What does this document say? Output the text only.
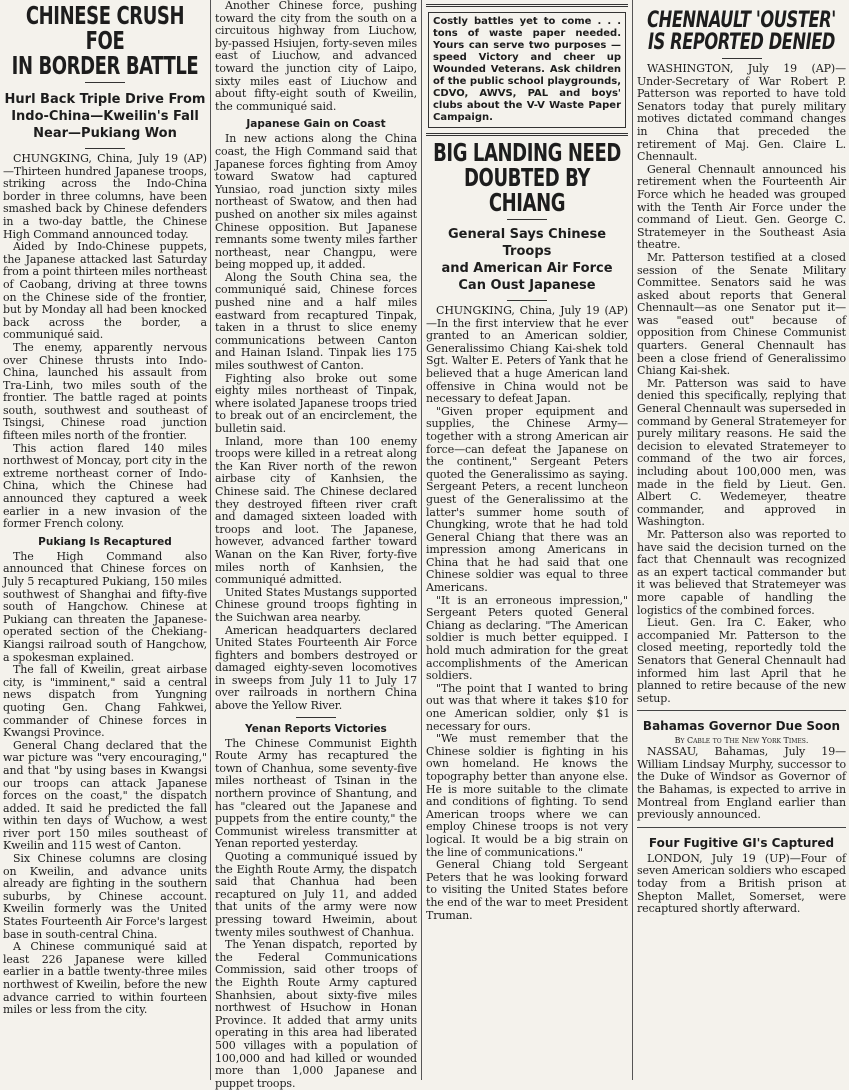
CHINESE CRUSH FOE
IN BORDER BATTLE
Hurl Back Triple Drive From
Indo-China—Kweilin's Fall
Near—Pukiang Won

CHUNGKING, China, July 19 (AP)—Thirteen hundred Japanese troops, striking across the Indo-China border in three columns, have been smashed back by Chinese defenders in a two-day battle, the Chinese High Command announced today.

Aided by Indo-Chinese puppets, the Japanese attacked last Saturday from a point thirteen miles northeast of Caobang, driving at three towns on the Chinese side of the frontier, but by Monday all had been knocked back across the border, a communiqué said.

The enemy, apparently nervous over Chinese thrusts into Indo-China, launched his assault from Tra-Linh, two miles south of the frontier. The battle raged at points south, southwest and southeast of Tsingsi, Chinese road junction fifteen miles north of the frontier.

This action flared 140 miles northwest of Moncay, port city in the extreme northeast corner of Indo-China, which the Chinese had announced they captured a week earlier in a new invasion of the former French colony.

Pukiang Is Recaptured

The High Command also announced that Chinese forces on July 5 recaptured Pukiang, 150 miles southwest of Shanghai and fifty-five south of Hangchow. Chinese at Pukiang can threaten the Japanese-operated section of the Chekiang-Kiangsi railroad south of Hangchow, a spokesman explained.

The fall of Kweilin, great airbase city, is "imminent," said a central news dispatch from Yungning quoting Gen. Chang Fahkwei, commander of Chinese forces in Kwangsi Province.

General Chang declared that the war picture was "very encouraging," and that "by using bases in Kwangsi our troops can attack Japanese forces on the coast," the dispatch added. It said he predicted the fall within ten days of Wuchow, a west river port 150 miles southeast of Kweilin and 115 west of Canton.

Six Chinese columns are closing on Kweilin, and advance units already are fighting in the southern suburbs, by Chinese account. Kweilin formerly was the United States Fourteenth Air Force's largest base in south-central China.

A Chinese communiqué said at least 226 Japanese were killed earlier in a battle twenty-three miles northwest of Kweilin, before the new advance carried to within fourteen miles or less from the city.

Another Chinese force, pushing toward the city from the south on a circuitous highway from Liuchow, by-passed Hsiujen, forty-seven miles east of Liuchow, and advanced toward the junction city of Laipo, sixty miles east of Liuchow and about fifty-eight south of Kweilin, the communiqué said.

Japanese Gain on Coast

In new actions along the China coast, the High Command said that Japanese forces fighting from Amoy toward Swatow had captured Yunsiao, road junction sixty miles northeast of Swatow, and then had pushed on another six miles against Chinese opposition. But Japanese remnants some twenty miles farther northeast, near Changpu, were being mopped up, it added.

Along the South China sea, the communiqué said, Chinese forces pushed nine and a half miles eastward from recaptured Tinpak, taken in a thrust to slice enemy communications between Canton and Hainan Island. Tinpak lies 175 miles southwest of Canton.

Fighting also broke out some eighty miles northeast of Tinpak, where isolated Japanese troops tried to break out of an encirclement, the bulletin said.

Inland, more than 100 enemy troops were killed in a retreat along the Kan River north of the rewon airbase city of Kanhsien, the Chinese said. The Chinese declared they destroyed fifteen river craft and damaged sixteen loaded with troops and loot. The Japanese, however, advanced farther toward Wanan on the Kan River, forty-five miles north of Kanhsien, the communiqué admitted.

United States Mustangs supported Chinese ground troops fighting in the Suichwan area nearby.

American headquarters declared United States Fourteenth Air Force fighters and bombers destroyed or damaged eighty-seven locomotives in sweeps from July 11 to July 17 over railroads in northern China above the Yellow River.

Yenan Reports Victories

The Chinese Communist Eighth Route Army has recaptured the town of Chanhua, some seventy-five miles northeast of Tsinan in the northern province of Shantung, and has "cleared out the Japanese and puppets from the entire county," the Communist wireless transmitter at Yenan reported yesterday.

Quoting a communiqué issued by the Eighth Route Army, the dispatch said that Chanhua had been recaptured on July 11, and added that units of the army were now pressing toward Hweimin, about twenty miles southwest of Chanhua.

The Yenan dispatch, reported by the Federal Communications Commission, said other troops of the Eighth Route Army captured Shanhsien, about sixty-five miles northwest of Hsuchow in Honan Province. It added that army units operating in this area had liberated 500 villages with a population of 100,000 and had killed or wounded more than 1,000 Japanese and puppet troops.

Costly battles yet to come . . . tons of waste paper needed. Yours can serve two purposes — speed Victory and cheer up Wounded Veterans. Ask children of the public school playgrounds, CDVO, AWVS, PAL and boys' clubs about the V-V Waste Paper Campaign.
BIG LANDING NEED
DOUBTED BY CHIANG
General Says Chinese Troops
and American Air Force
Can Oust Japanese

CHUNGKING, China, July 19 (AP)—In the first interview that he ever granted to an American soldier, Generalissimo Chiang Kai-shek told Sgt. Walter E. Peters of Yank that he believed that a huge American land offensive in China would not be necessary to defeat Japan.

"Given proper equipment and supplies, the Chinese Army—together with a strong American air force—can defeat the Japanese on the continent," Sergeant Peters quoted the Generalissimo as saying. Sergeant Peters, a recent luncheon guest of the Generalissimo at the latter's summer home south of Chungking, wrote that he had told General Chiang that there was an impression among Americans in China that he had said that one Chinese soldier was equal to three Americans.

"It is an erroneous impression," Sergeant Peters quoted General Chiang as declaring. "The American soldier is much better equipped. I hold much admiration for the great accomplishments of the American soldiers.

"The point that I wanted to bring out was that where it takes $10 for one American soldier, only $1 is necessary for ours.

"We must remember that the Chinese soldier is fighting in his own homeland. He knows the topography better than anyone else. He is more suitable to the climate and conditions of fighting. To send American troops where we can employ Chinese troops is not very logical. It would be a big strain on the line of communications."

General Chiang told Sergeant Peters that he was looking forward to visiting the United States before the end of the war to meet President Truman.

CHENNAULT 'OUSTER'
IS REPORTED DENIED

WASHINGTON, July 19 (AP)—Under-Secretary of War Robert P. Patterson was reported to have told Senators today that purely military motives dictated command changes in China that preceded the retirement of Maj. Gen. Claire L. Chennault.

General Chennault announced his retirement when the Fourteenth Air Force which he headed was grouped with the Tenth Air Force under the command of Lieut. Gen. George C. Stratemeyer in the Southeast Asia theatre.

Mr. Patterson testified at a closed session of the Senate Military Committee. Senators said he was asked about reports that General Chennault—as one Senator put it—was "eased out" because of opposition from Chinese Communist quarters. General Chennault has been a close friend of Generalissimo Chiang Kai-shek.

Mr. Patterson was said to have denied this specifically, replying that General Chennault was superseded in command by General Stratemeyer for purely military reasons. He said the decision to elevated Stratemeyer to command of the two air forces, including about 100,000 men, was made in the field by Lieut. Gen. Albert C. Wedemeyer, theatre commander, and approved in Washington.

Mr. Patterson also was reported to have said the decision turned on the fact that Chennault was recognized as an expert tactical commander but it was believed that Stratemeyer was more capable of handling the logistics of the combined forces.

Lieut. Gen. Ira C. Eaker, who accompanied Mr. Patterson to the closed meeting, reportedly told the Senators that General Chennault had informed him last April that he planned to retire because of the new setup.

Bahamas Governor Due Soon
By Cable to The New York Times.

NASSAU, Bahamas, July 19—William Lindsay Murphy, successor to the Duke of Windsor as Governor of the Bahamas, is expected to arrive in Montreal from England earlier than previously announced.

Four Fugitive GI's Captured

LONDON, July 19 (UP)—Four of seven American soldiers who escaped today from a British prison at Shepton Mallet, Somerset, were recaptured shortly afterward.
